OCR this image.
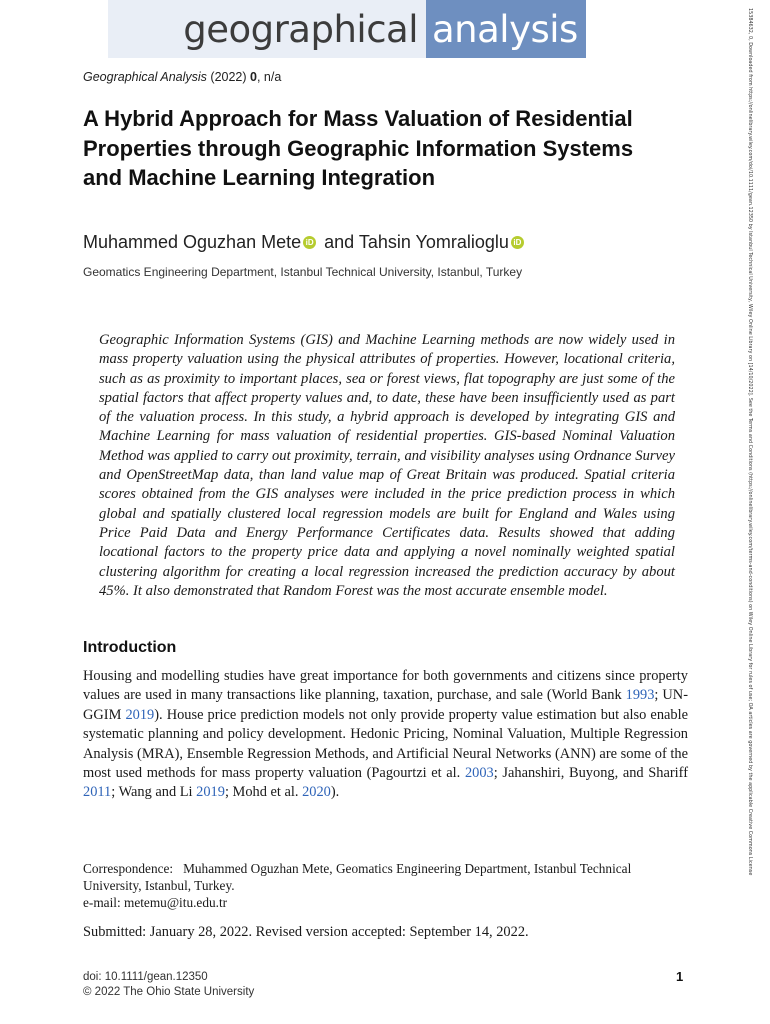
geographical analysis
Geographical Analysis (2022) 0, n/a
A Hybrid Approach for Mass Valuation of Residential Properties through Geographic Information Systems and Machine Learning Integration
Muhammed Oguzhan Mete iD and Tahsin Yomralioglu iD
Geomatics Engineering Department, Istanbul Technical University, Istanbul, Turkey

Geographic Information Systems (GIS) and Machine Learning methods are now widely used in mass property valuation using the physical attributes of properties. However, locational criteria, such as as proximity to important places, sea or forest views, flat topography are just some of the spatial factors that affect property values and, to date, these have been insufficiently used as part of the valuation process. In this study, a hybrid approach is developed by integrating GIS and Machine Learning for mass valuation of residential properties. GIS-based Nominal Valuation Method was applied to carry out proximity, terrain, and visibility analyses using Ordnance Survey and OpenStreetMap data, than land value map of Great Britain was produced. Spatial criteria scores obtained from the GIS analyses were included in the price prediction process in which global and spatially clustered local regression models are built for England and Wales using Price Paid Data and Energy Performance Certificates data. Results showed that adding locational factors to the property price data and applying a novel nominally weighted spatial clustering algorithm for creating a local regression increased the prediction accuracy by about 45%. It also demonstrated that Random Forest was the most accurate ensemble model.

Introduction

Housing and modelling studies have great importance for both governments and citizens since property values are used in many transactions like planning, taxation, purchase, and sale (World Bank 1993; UN-GGIM 2019). House price prediction models not only provide property value estimation but also enable systematic planning and policy development. Hedonic Pricing, Nominal Valuation, Multiple Regression Analysis (MRA), Ensemble Regression Methods, and Artificial Neural Networks (ANN) are some of the most used methods for mass property valuation (Pagourtzi et al. 2003; Jahanshiri, Buyong, and Shariff 2011; Wang and Li 2019; Mohd et al. 2020).

Correspondence: Muhammed Oguzhan Mete, Geomatics Engineering Department, Istanbul Technical University, Istanbul, Turkey.
e-mail: metemu@itu.edu.tr
Submitted: January 28, 2022. Revised version accepted: September 14, 2022.
doi: 10.1111/gean.12350
© 2022 The Ohio State University
1
15384632, 0, Downloaded from https://onlinelibrary.wiley.com/doi/10.1111/gean.12350 by Istanbul Technical University, Wiley Online Library on [14/10/2022]. See the Terms and Conditions (https://onlinelibrary.wiley.com/terms-and-conditions) on Wiley Online Library for rules of use; OA articles are governed by the applicable Creative Commons License
